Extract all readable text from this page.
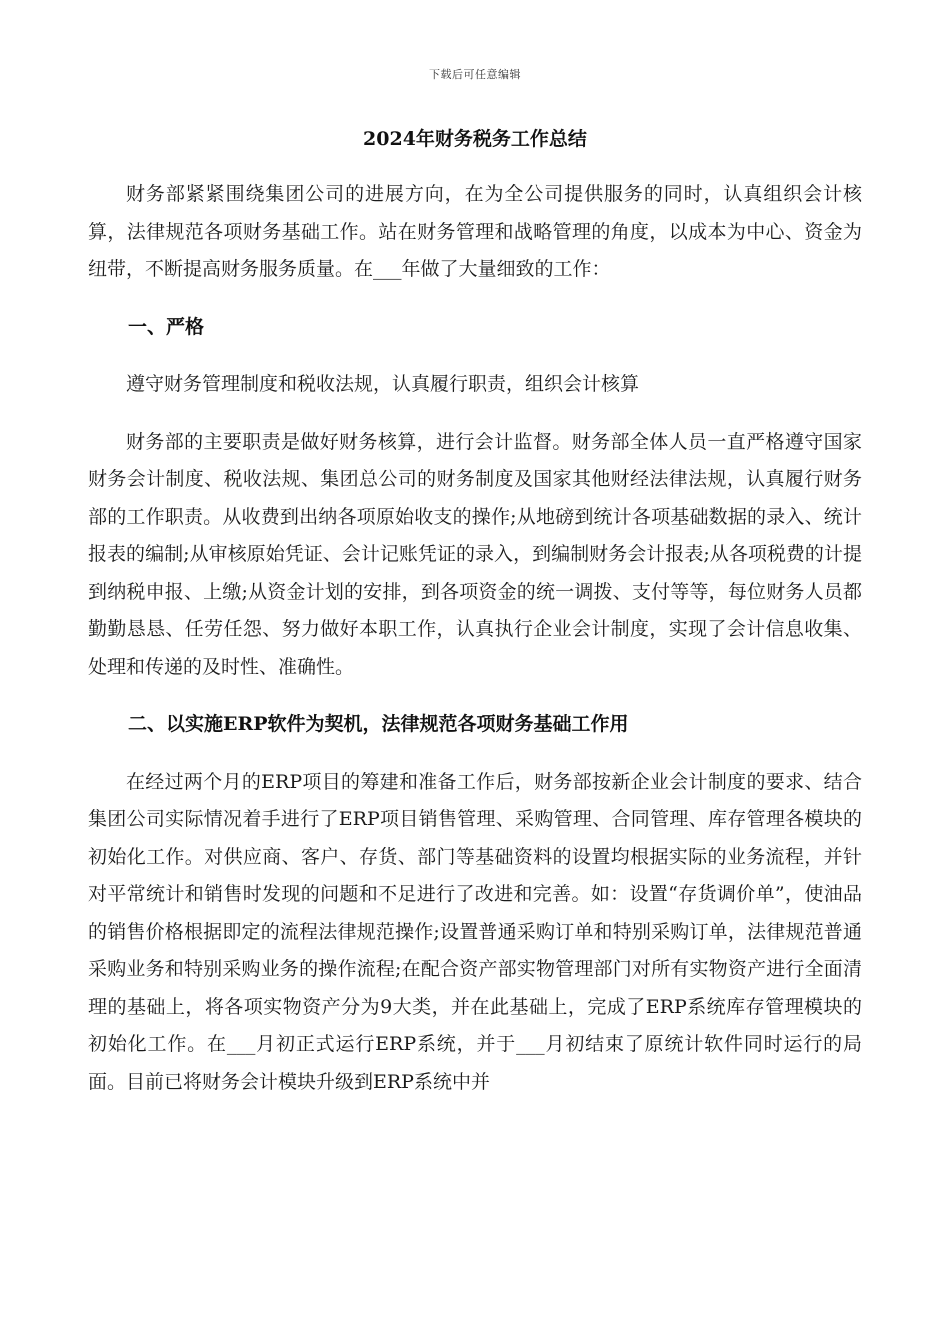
下载后可任意编辑
2024年财务税务工作总结

财务部紧紧围绕集团公司的进展方向，在为全公司提供服务的同时，认真组织会计核算，法律规范各项财务基础工作。站在财务管理和战略管理的角度，以成本为中心、资金为纽带，不断提高财务服务质量。在___年做了大量细致的工作：

一、严格

遵守财务管理制度和税收法规，认真履行职责，组织会计核算

财务部的主要职责是做好财务核算，进行会计监督。财务部全体人员一直严格遵守国家财务会计制度、税收法规、集团总公司的财务制度及国家其他财经法律法规，认真履行财务部的工作职责。从收费到出纳各项原始收支的操作;从地磅到统计各项基础数据的录入、统计报表的编制;从审核原始凭证、会计记账凭证的录入，到编制财务会计报表;从各项税费的计提到纳税申报、上缴;从资金计划的安排，到各项资金的统一调拨、支付等等，每位财务人员都勤勤恳恳、任劳任怨、努力做好本职工作，认真执行企业会计制度，实现了会计信息收集、处理和传递的及时性、准确性。

二、以实施ERP软件为契机，法律规范各项财务基础工作用

在经过两个月的ERP项目的筹建和准备工作后，财务部按新企业会计制度的要求、结合集团公司实际情况着手进行了ERP项目销售管理、采购管理、合同管理、库存管理各模块的初始化工作。对供应商、客户、存货、部门等基础资料的设置均根据实际的业务流程，并针对平常统计和销售时发现的问题和不足进行了改进和完善。如：设置“存货调价单”，使油品的销售价格根据即定的流程法律规范操作;设置普通采购订单和特别采购订单，法律规范普通采购业务和特别采购业务的操作流程;在配合资产部实物管理部门对所有实物资产进行全面清理的基础上，将各项实物资产分为9大类，并在此基础上，完成了ERP系统库存管理模块的初始化工作。在___月初正式运行ERP系统，并于___月初结束了原统计软件同时运行的局面。目前已将财务会计模块升级到ERP系统中并
